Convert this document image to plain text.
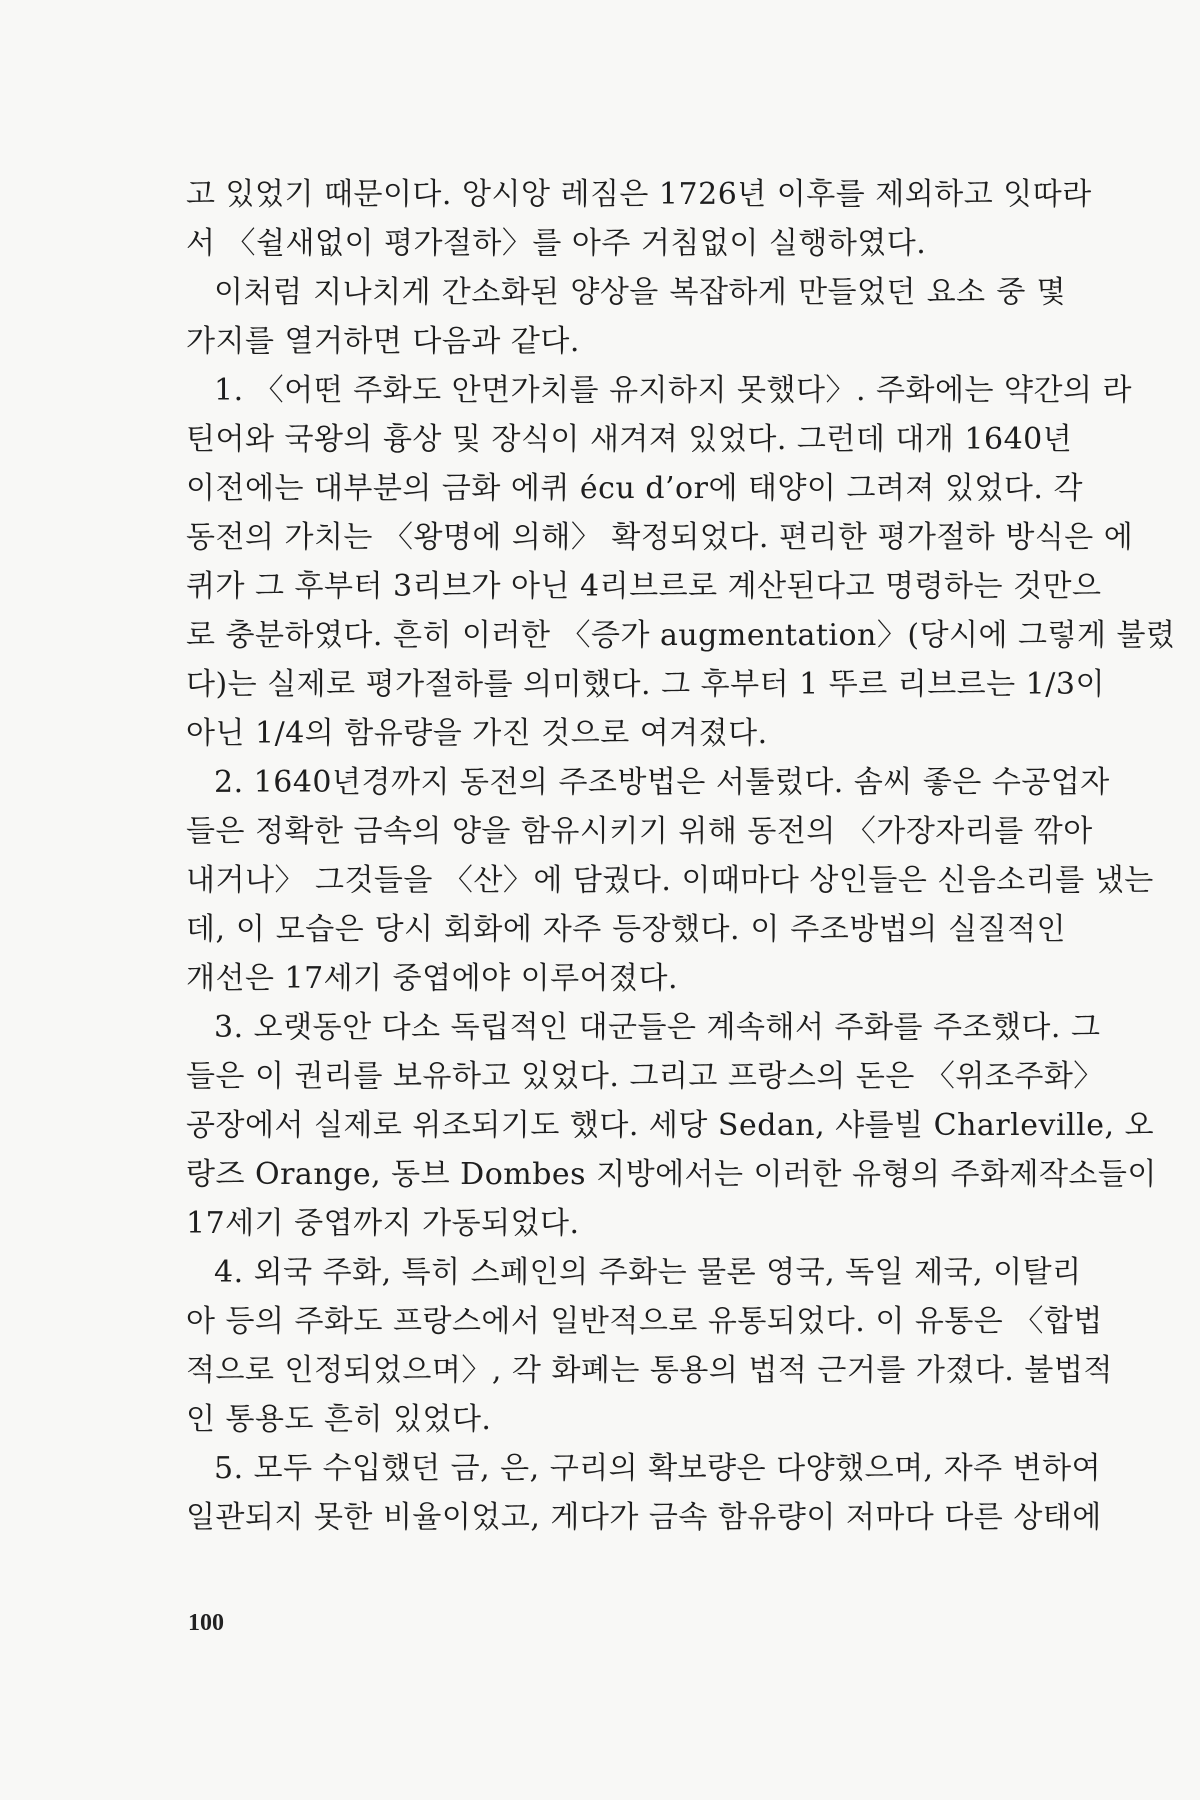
고 있었기 때문이다. 앙시앙 레짐은 1726년 이후를 제외하고 잇따라
서 〈쉴새없이 평가절하〉를 아주 거침없이 실행하였다.
이처럼 지나치게 간소화된 양상을 복잡하게 만들었던 요소 중 몇
가지를 열거하면 다음과 같다.
1. 〈어떤 주화도 안면가치를 유지하지 못했다〉. 주화에는 약간의 라
틴어와 국왕의 흉상 및 장식이 새겨져 있었다. 그런데 대개 1640년
이전에는 대부분의 금화 에퀴 écu d’or에 태양이 그려져 있었다. 각
동전의 가치는 〈왕명에 의해〉 확정되었다. 편리한 평가절하 방식은 에
퀴가 그 후부터 3리브가 아닌 4리브르로 계산된다고 명령하는 것만으
로 충분하였다. 흔히 이러한 〈증가 augmentation〉(당시에 그렇게 불렸
다)는 실제로 평가절하를 의미했다. 그 후부터 1 뚜르 리브르는 1/3이
아닌 1/4의 함유량을 가진 것으로 여겨졌다.
2. 1640년경까지 동전의 주조방법은 서툴렀다. 솜씨 좋은 수공업자
들은 정확한 금속의 양을 함유시키기 위해 동전의 〈가장자리를 깎아
내거나〉 그것들을 〈산〉에 담궜다. 이때마다 상인들은 신음소리를 냈는
데, 이 모습은 당시 회화에 자주 등장했다. 이 주조방법의 실질적인
개선은 17세기 중엽에야 이루어졌다.
3. 오랫동안 다소 독립적인 대군들은 계속해서 주화를 주조했다. 그
들은 이 권리를 보유하고 있었다. 그리고 프랑스의 돈은 〈위조주화〉
공장에서 실제로 위조되기도 했다. 세당 Sedan, 샤를빌 Charleville, 오
랑즈 Orange, 동브 Dombes 지방에서는 이러한 유형의 주화제작소들이
17세기 중엽까지 가동되었다.
4. 외국 주화, 특히 스페인의 주화는 물론 영국, 독일 제국, 이탈리
아 등의 주화도 프랑스에서 일반적으로 유통되었다. 이 유통은 〈합법
적으로 인정되었으며〉, 각 화폐는 통용의 법적 근거를 가졌다. 불법적
인 통용도 흔히 있었다.
5. 모두 수입했던 금, 은, 구리의 확보량은 다양했으며, 자주 변하여
일관되지 못한 비율이었고, 게다가 금속 함유량이 저마다 다른 상태에
100
